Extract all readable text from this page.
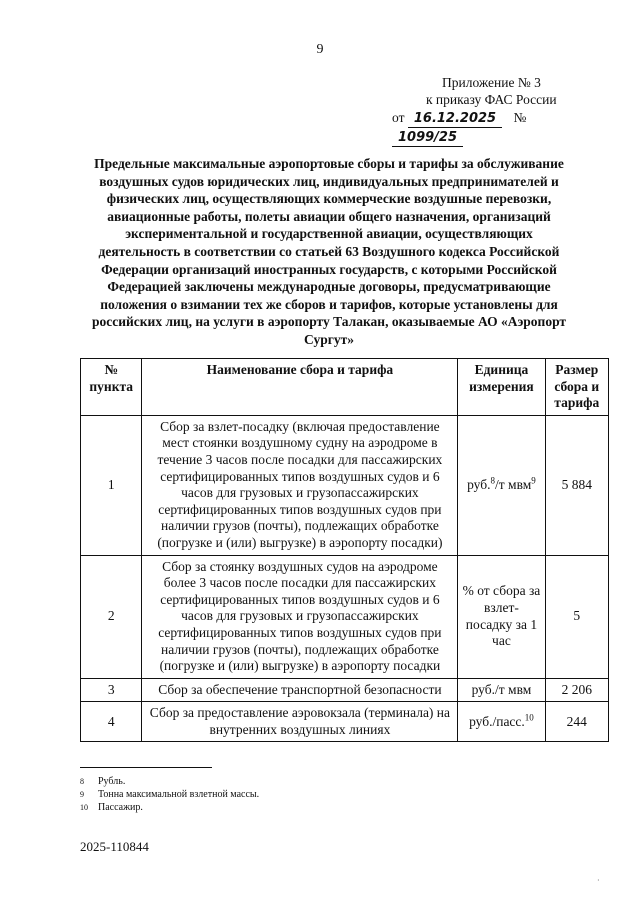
9
Приложение № 3
к приказу ФАС России
от 16.12.2025 № 1099/25
Предельные максимальные аэропортовые сборы и тарифы за обслуживание воздушных судов юридических лиц, индивидуальных предпринимателей и физических лиц, осуществляющих коммерческие воздушные перевозки, авиационные работы, полеты авиации общего назначения, организаций экспериментальной и государственной авиации, осуществляющих деятельность в соответствии со статьей 63 Воздушного кодекса Российской Федерации организаций иностранных государств, с которыми Российской Федерацией заключены международные договоры, предусматривающие положения о взимании тех же сборов и тарифов, которые установлены для российских лиц, на услуги в аэропорту Талакан, оказываемые АО «Аэропорт Сургут»
№ пункта	Наименование сбора и тарифа	Единица измерения	Размер сбора и тарифа
1	Сбор за взлет-посадку (включая предоставление мест стоянки воздушному судну на аэродроме в течение 3 часов после посадки для пассажирских сертифицированных типов воздушных судов и 6 часов для грузовых и грузопассажирских сертифицированных типов воздушных судов при наличии грузов (почты), подлежащих обработке (погрузке и (или) выгрузке) в аэропорту посадки)	руб.$^8$/т мвм$^9$	5 884
2	Сбор за стоянку воздушных судов на аэродроме более 3 часов после посадки для пассажирских сертифицированных типов воздушных судов и 6 часов для грузовых и грузопассажирских сертифицированных типов воздушных судов при наличии грузов (почты), подлежащих обработке (погрузке и (или) выгрузке) в аэропорту посадки	% от сбора за взлет-посадку за 1 час	5
3	Сбор за обеспечение транспортной безопасности	руб./т мвм	2 206
4	Сбор за предоставление аэровокзала (терминала) на внутренних воздушных линиях	руб./пасс.$^{10}$	244
8	Рубль.
9	Тонна максимальной взлетной массы.
10	Пассажир.
2025-110844
·
